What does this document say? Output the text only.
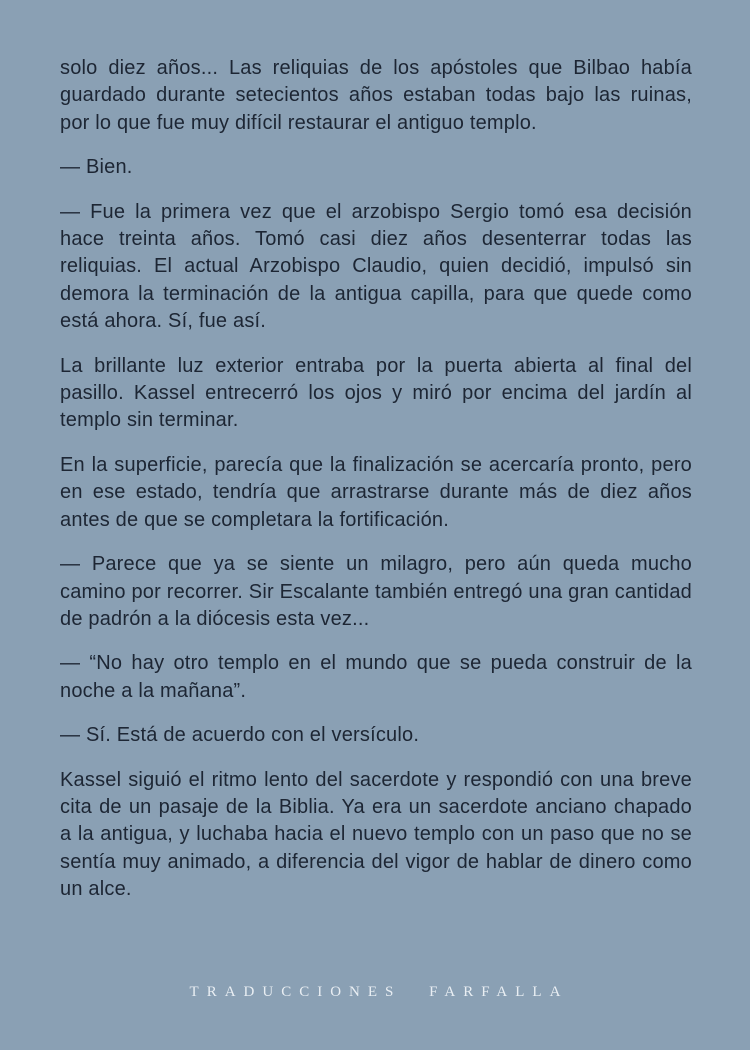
solo diez años... Las reliquias de los apóstoles que Bilbao había guardado durante setecientos años estaban todas bajo las ruinas, por lo que fue muy difícil restaurar el antiguo templo.

— Bien.

— Fue la primera vez que el arzobispo Sergio tomó esa decisión hace treinta años. Tomó casi diez años desenterrar todas las reliquias. El actual Arzobispo Claudio, quien decidió, impulsó sin demora la terminación de la antigua capilla, para que quede como está ahora. Sí, fue así.

La brillante luz exterior entraba por la puerta abierta al final del pasillo. Kassel entrecerró los ojos y miró por encima del jardín al templo sin terminar.

En la superficie, parecía que la finalización se acercaría pronto, pero en ese estado, tendría que arrastrarse durante más de diez años antes de que se completara la fortificación.

— Parece que ya se siente un milagro, pero aún queda mucho camino por recorrer. Sir Escalante también entregó una gran cantidad de padrón a la diócesis esta vez...

— “No hay otro templo en el mundo que se pueda construir de la noche a la mañana”.

— Sí. Está de acuerdo con el versículo.

Kassel siguió el ritmo lento del sacerdote y respondió con una breve cita de un pasaje de la Biblia. Ya era un sacerdote anciano chapado a la antigua, y luchaba hacia el nuevo templo con un paso que no se sentía muy animado, a diferencia del vigor de hablar de dinero como un alce.

TRADUCCIONES FARFALLA
